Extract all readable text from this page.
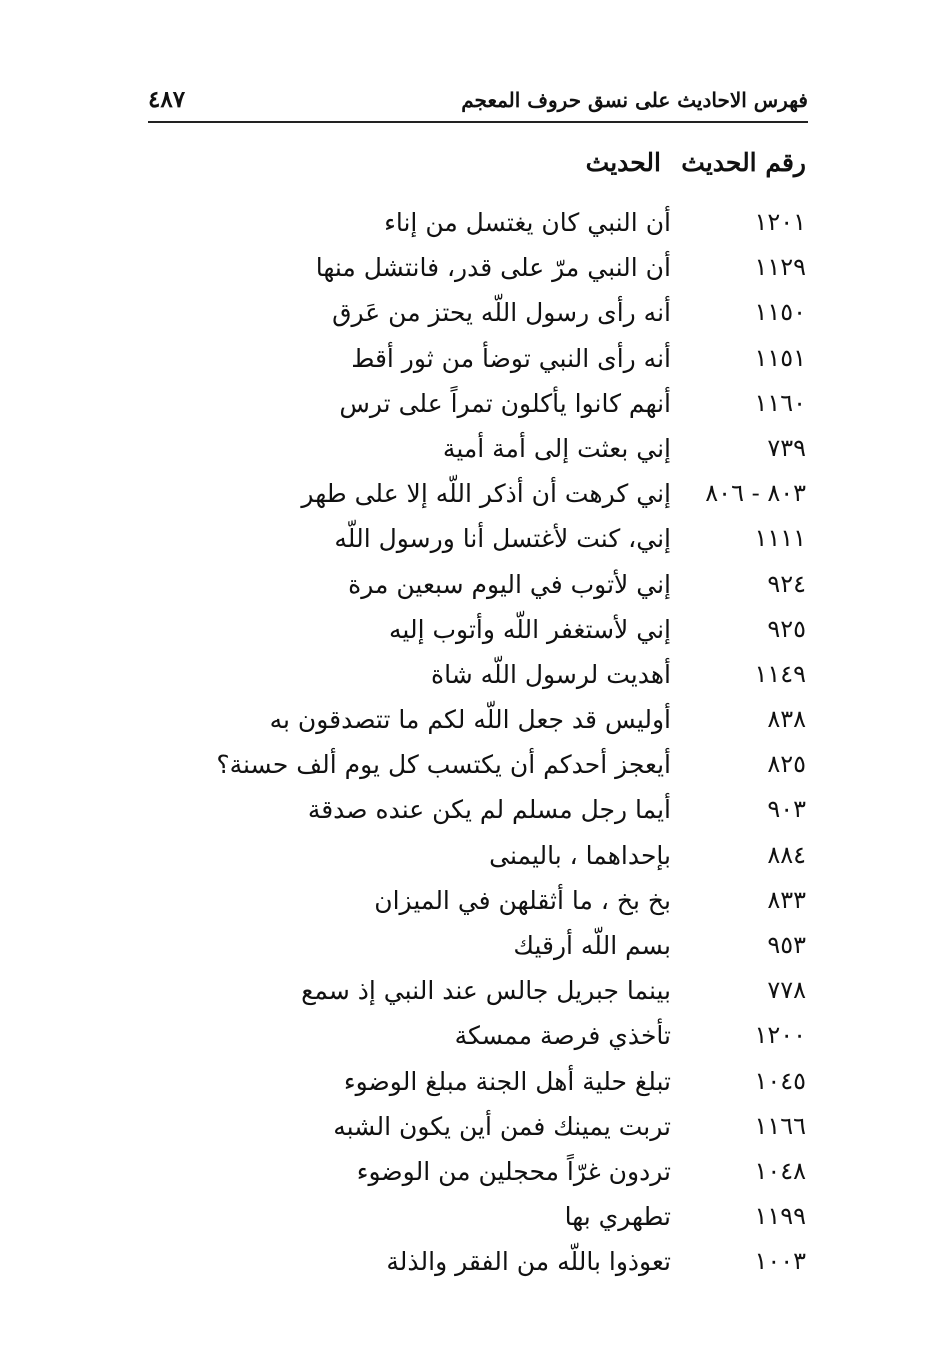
فهرس الاحاديث على نسق حروف المعجم
٤٨٧
رقم الحديث
الحديث
١٢٠١
أن النبي كان يغتسل من إناء
١١٢٩
أن النبي مرّ على قدر، فانتشل منها
١١٥٠
أنه رأى رسول اللّه يحتز من عَرق
١١٥١
أنه رأى النبي توضأ من ثور أقط
١١٦٠
أنهم كانوا يأكلون تمراً على ترس
٧٣٩
إني بعثت إلى أمة أمية
٨٠٣ - ٨٠٦
إني كرهت أن أذكر اللّه إلا على طهر
١١١١
إني، كنت لأغتسل أنا ورسول اللّه
٩٢٤
إني لأتوب في اليوم سبعين مرة
٩٢٥
إني لأستغفر اللّه وأتوب إليه
١١٤٩
أهديت لرسول اللّه شاة
٨٣٨
أوليس قد جعل اللّه لكم ما تتصدقون به
٨٢٥
أيعجز أحدكم أن يكتسب كل يوم ألف حسنة؟
٩٠٣
أيما رجل مسلم لم يكن عنده صدقة
٨٨٤
بإحداهما ، باليمنى
٨٣٣
بخ بخ ، ما أثقلهن في الميزان
٩٥٣
بسم اللّه أرقيك
٧٧٨
بينما جبريل جالس عند النبي إذ سمع
١٢٠٠
تأخذي فرصة ممسكة
١٠٤٥
تبلغ حلية أهل الجنة مبلغ الوضوء
١١٦٦
تربت يمينك فمن أين يكون الشبه
١٠٤٨
تردون غرّاً محجلين من الوضوء
١١٩٩
تطهري بها
١٠٠٣
تعوذوا باللّه من الفقر والذلة
